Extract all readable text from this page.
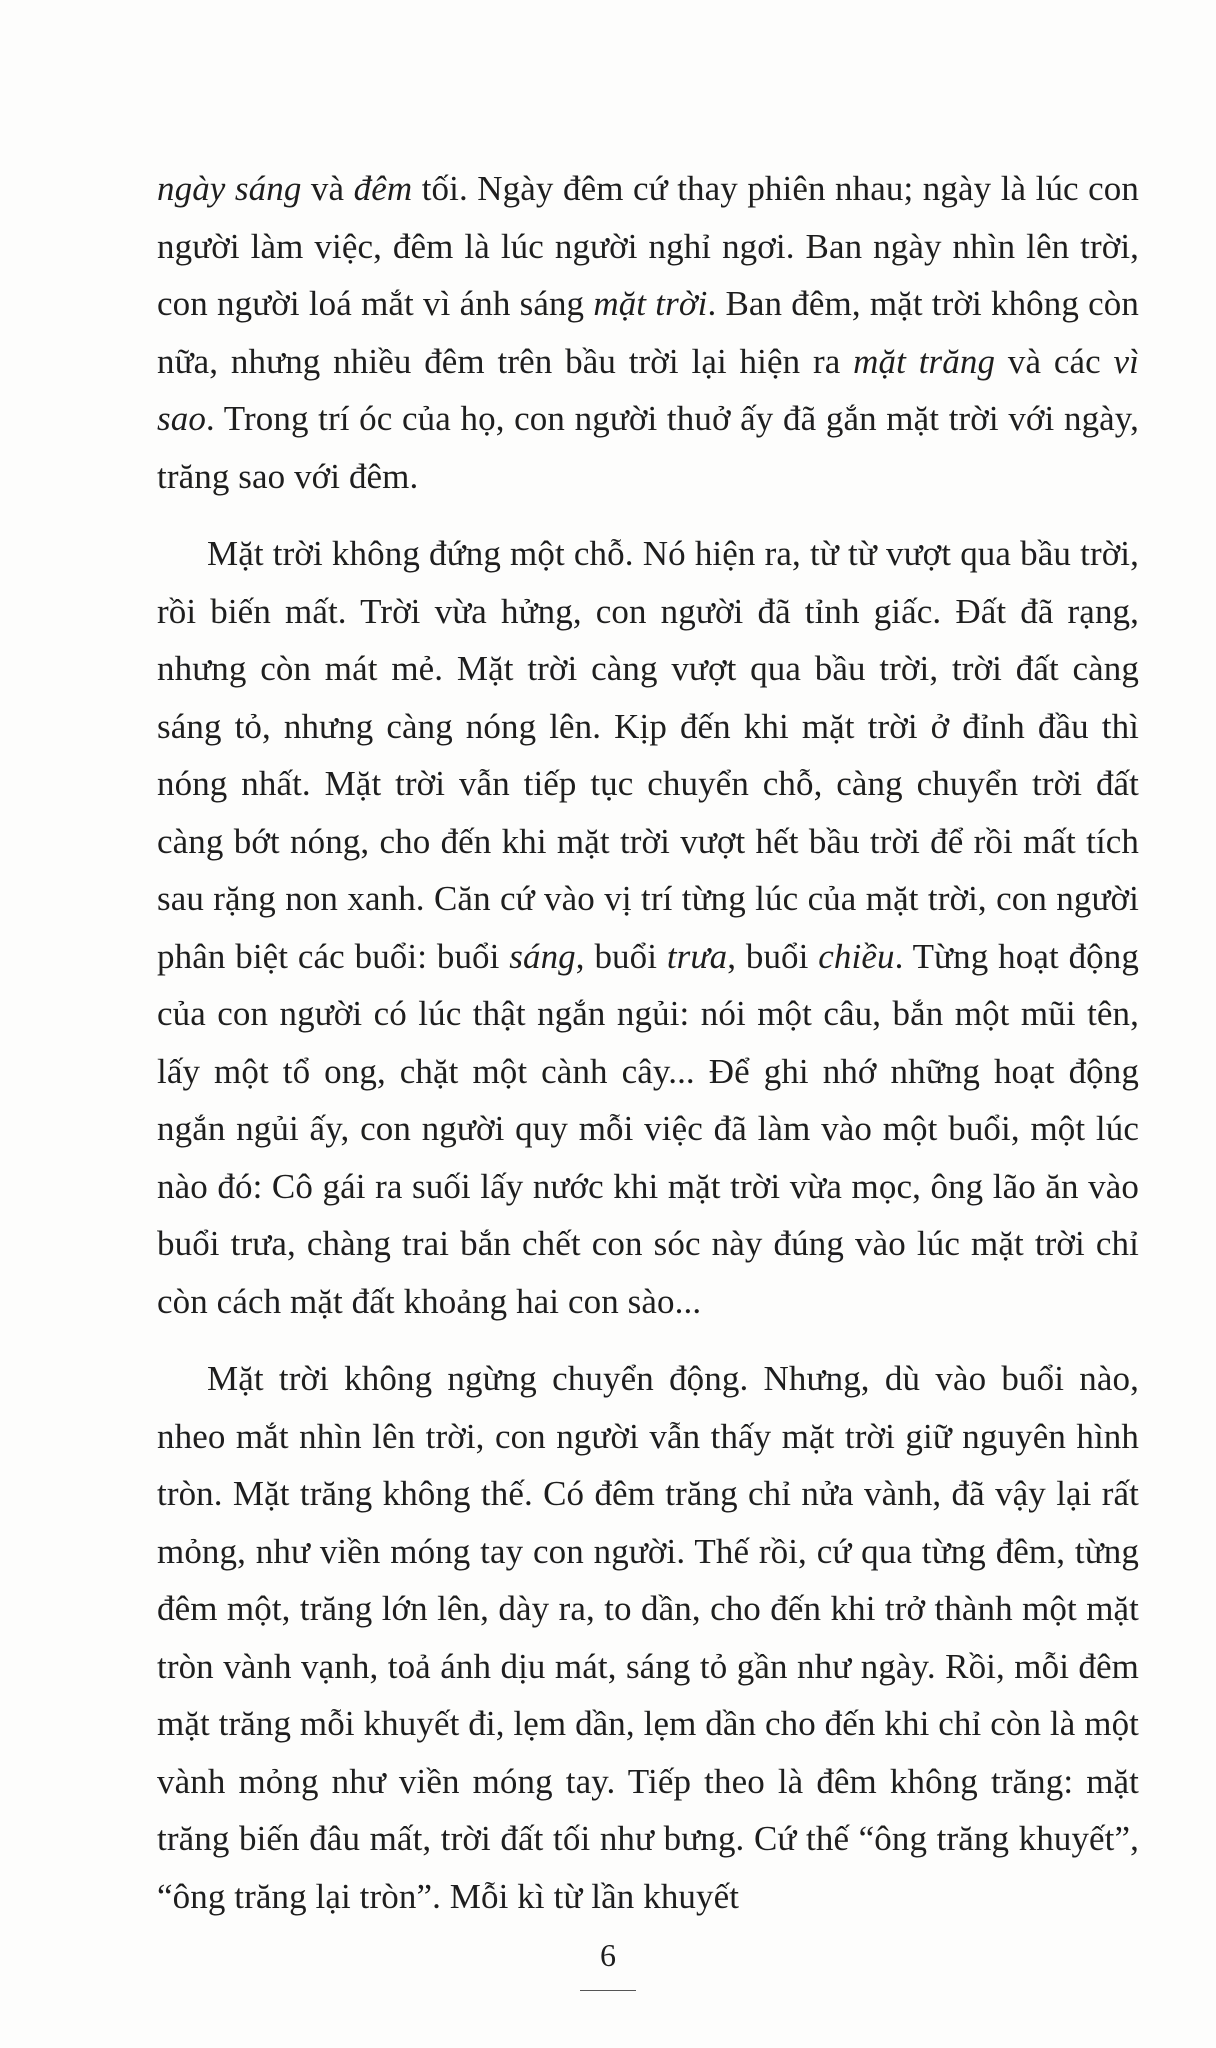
ngày sáng và đêm tối. Ngày đêm cứ thay phiên nhau; ngày là lúc con người làm việc, đêm là lúc người nghỉ ngơi. Ban ngày nhìn lên trời, con người loá mắt vì ánh sáng mặt trời. Ban đêm, mặt trời không còn nữa, nhưng nhiều đêm trên bầu trời lại hiện ra mặt trăng và các vì sao. Trong trí óc của họ, con người thuở ấy đã gắn mặt trời với ngày, trăng sao với đêm.

Mặt trời không đứng một chỗ. Nó hiện ra, từ từ vượt qua bầu trời, rồi biến mất. Trời vừa hửng, con người đã tỉnh giấc. Đất đã rạng, nhưng còn mát mẻ. Mặt trời càng vượt qua bầu trời, trời đất càng sáng tỏ, nhưng càng nóng lên. Kịp đến khi mặt trời ở đỉnh đầu thì nóng nhất. Mặt trời vẫn tiếp tục chuyển chỗ, càng chuyển trời đất càng bớt nóng, cho đến khi mặt trời vượt hết bầu trời để rồi mất tích sau rặng non xanh. Căn cứ vào vị trí từng lúc của mặt trời, con người phân biệt các buổi: buổi sáng, buổi trưa, buổi chiều. Từng hoạt động của con người có lúc thật ngắn ngủi: nói một câu, bắn một mũi tên, lấy một tổ ong, chặt một cành cây... Để ghi nhớ những hoạt động ngắn ngủi ấy, con người quy mỗi việc đã làm vào một buổi, một lúc nào đó: Cô gái ra suối lấy nước khi mặt trời vừa mọc, ông lão ăn vào buổi trưa, chàng trai bắn chết con sóc này đúng vào lúc mặt trời chỉ còn cách mặt đất khoảng hai con sào...

Mặt trời không ngừng chuyển động. Nhưng, dù vào buổi nào, nheo mắt nhìn lên trời, con người vẫn thấy mặt trời giữ nguyên hình tròn. Mặt trăng không thế. Có đêm trăng chỉ nửa vành, đã vậy lại rất mỏng, như viền móng tay con người. Thế rồi, cứ qua từng đêm, từng đêm một, trăng lớn lên, dày ra, to dần, cho đến khi trở thành một mặt tròn vành vạnh, toả ánh dịu mát, sáng tỏ gần như ngày. Rồi, mỗi đêm mặt trăng mỗi khuyết đi, lẹm dần, lẹm dần cho đến khi chỉ còn là một vành mỏng như viền móng tay. Tiếp theo là đêm không trăng: mặt trăng biến đâu mất, trời đất tối như bưng. Cứ thế “ông trăng khuyết”, “ông trăng lại tròn”. Mỗi kì từ lần khuyết

6
